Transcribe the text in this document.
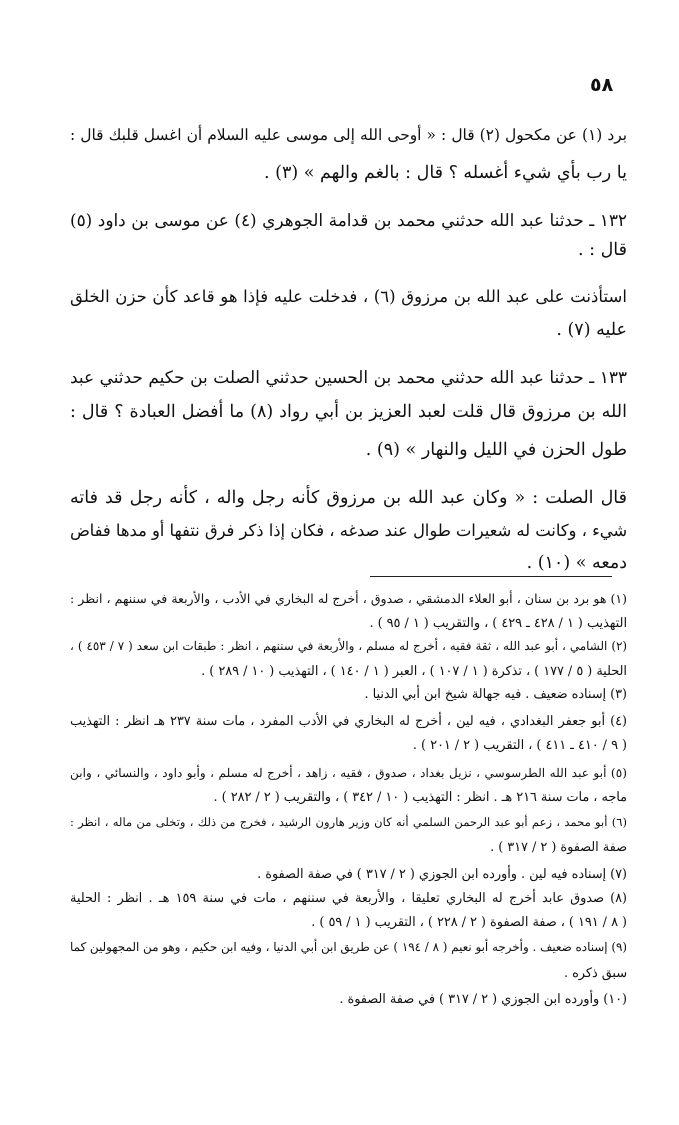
٥٨
برد (١) عن مكحول (٢) قال : « أوحى الله إلى موسى عليه السلام أن اغسل قلبك قال :
يا رب بأي شيء أغسله ؟ قال : بالغم والهم » (٣) .
١٣٢ ـ حدثنا عبد الله حدثني محمد بن قدامة الجوهري (٤) عن موسى بن داود (٥)
قال : .
استأذنت على عبد الله بن مرزوق (٦) ، فدخلت عليه فإذا هو قاعد كأن حزن الخلق
عليه (٧) .
١٣٣ ـ حدثنا عبد الله حدثني محمد بن الحسين حدثني الصلت بن حكيم حدثني عبد
الله بن مرزوق قال قلت لعبد العزيز بن أبي رواد (٨) ما أفضل العبادة ؟ قال :
طول الحزن في الليل والنهار » (٩) .
قال الصلت : « وكان عبد الله بن مرزوق كأنه رجل واله ، كأنه رجل قد فاته
شيء ، وكانت له شعيرات طوال عند صدغه ، فكان إذا ذكر فرق نتفها أو مدها ففاض
دمعه » (١٠) .
(١) هو برد بن سنان ، أبو العلاء الدمشقي ، صدوق ، أخرج له البخاري في الأدب ، والأربعة في سننهم ، انظر :
التهذيب ( ١ / ٤٢٨ ـ ٤٢٩ ) ، والتقريب ( ١ / ٩٥ ) .
(٢) الشامي ، أبو عبد الله ، ثقة فقيه ، أخرج له مسلم ، والأربعة في سننهم ، انظر : طبقات ابن سعد ( ٧ / ٤٥٣ ) ،
الحلية ( ٥ / ١٧٧ ) ، تذكرة ( ١ / ١٠٧ ) ، العبر ( ١ / ١٤٠ ) ، التهذيب ( ١٠ / ٢٨٩ ) .
(٣) إسناده ضعيف . فيه جهالة شيخ ابن أبي الدنيا .
(٤) أبو جعفر البغدادي ، فيه لين ، أخرج له البخاري في الأدب المفرد ، مات سنة ٢٣٧ هـ انظر : التهذيب
( ٩ / ٤١٠ ـ ٤١١ ) ، التقريب ( ٢ / ٢٠١ ) .
(٥) أبو عبد الله الطرسوسي ، نزيل بغداد ، صدوق ، فقيه ، زاهد ، أخرج له مسلم ، وأبو داود ، والنسائي ، وابن
ماجه ، مات سنة ٢١٦ هـ . انظر : التهذيب ( ١٠ / ٣٤٢ ) ، والتقريب ( ٢ / ٢٨٢ ) .
(٦) أبو محمد ، زعم أبو عبد الرحمن السلمي أنه كان وزير هارون الرشيد ، فخرج من ذلك ، وتخلى من ماله ، انظر :
صفة الصفوة ( ٢ / ٣١٧ ) .
(٧) إسناده فيه لين . وأورده ابن الجوزي ( ٢ / ٣١٧ ) في صفة الصفوة .
(٨) صدوق عابد أخرج له البخاري تعليقا ، والأربعة في سننهم ، مات في سنة ١٥٩ هـ . انظر : الحلية
( ٨ / ١٩١ ) ، صفة الصفوة ( ٢ / ٢٢٨ ) ، التقريب ( ١ / ٥٩ ) .
(٩) إسناده ضعيف . وأخرجه أبو نعيم ( ٨ / ١٩٤ ) عن طريق ابن أبي الدنيا ، وفيه ابن حكيم ، وهو من المجهولين كما
سبق ذكره .
(١٠) وأورده ابن الجوزي ( ٢ / ٣١٧ ) في صفة الصفوة .
